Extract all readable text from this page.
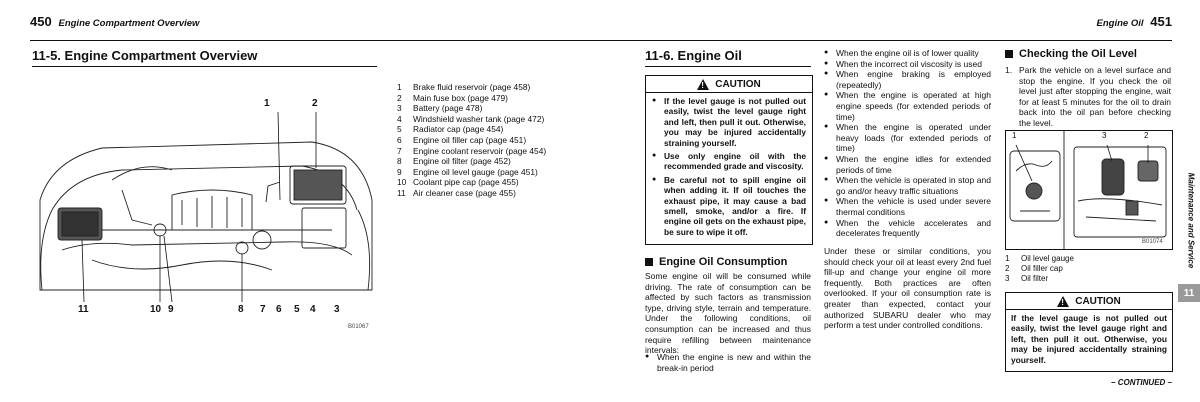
450 Engine Compartment Overview
11-5. Engine Compartment Overview
1	2
11	10 9	8 7 6 5 4 3
B01067
1	Brake fluid reservoir (page 458)
2	Main fuse box (page 479)
3	Battery (page 478)
4	Windshield washer tank (page 472)
5	Radiator cap (page 454)
6	Engine oil filler cap (page 451)
7	Engine coolant reservoir (page 454)
8	Engine oil filter (page 452)
9	Engine oil level gauge (page 451)
10 Coolant pipe cap (page 455)
11 Air cleaner case (page 455)
Engine Oil 451
11-6. Engine Oil
! CAUTION
● If the level gauge is not pulled out easily, twist the level gauge right and left, then pull it out. Otherwise, you may be injured accidentally straining yourself.
● Use only engine oil with the recommended grade and viscosity.
● Be careful not to spill engine oil when adding it. If oil touches the exhaust pipe, it may cause a bad smell, smoke, and/or a fire. If engine oil gets on the exhaust pipe, be sure to wipe it off.
Engine Oil Consumption
Some engine oil will be consumed while driving. The rate of consumption can be affected by such factors as transmission type, driving style, terrain and temperature. Under the following conditions, oil consumption can be increased and thus require refilling between maintenance intervals:
● When the engine is new and within the break-in period
● When the engine oil is of lower quality
● When the incorrect oil viscosity is used
● When engine braking is employed (repeatedly)
● When the engine is operated at high engine speeds (for extended periods of time)
● When the engine is operated under heavy loads (for extended periods of time)
● When the engine idles for extended periods of time
● When the vehicle is operated in stop and go and/or heavy traffic situations
● When the vehicle is used under severe thermal conditions
● When the vehicle accelerates and decelerates frequently
Under these or similar conditions, you should check your oil at least every 2nd fuel fill-up and change your engine oil more frequently. Both practices are often overlooked. If your oil consumption rate is greater than expected, contact your authorized SUBARU dealer who may perform a test under controlled conditions.
Checking the Oil Level
1. Park the vehicle on a level surface and stop the engine. If you check the oil level just after stopping the engine, wait for at least 5 minutes for the oil to drain back into the oil pan before checking the level.
1	3	2
B01074
1	Oil level gauge
2	Oil filler cap
3	Oil filter
! CAUTION
If the level gauge is not pulled out easily, twist the level gauge right and left, then pull it out. Otherwise, you may be injured accidentally straining yourself.
– CONTINUED –
Maintenance and Service
11
